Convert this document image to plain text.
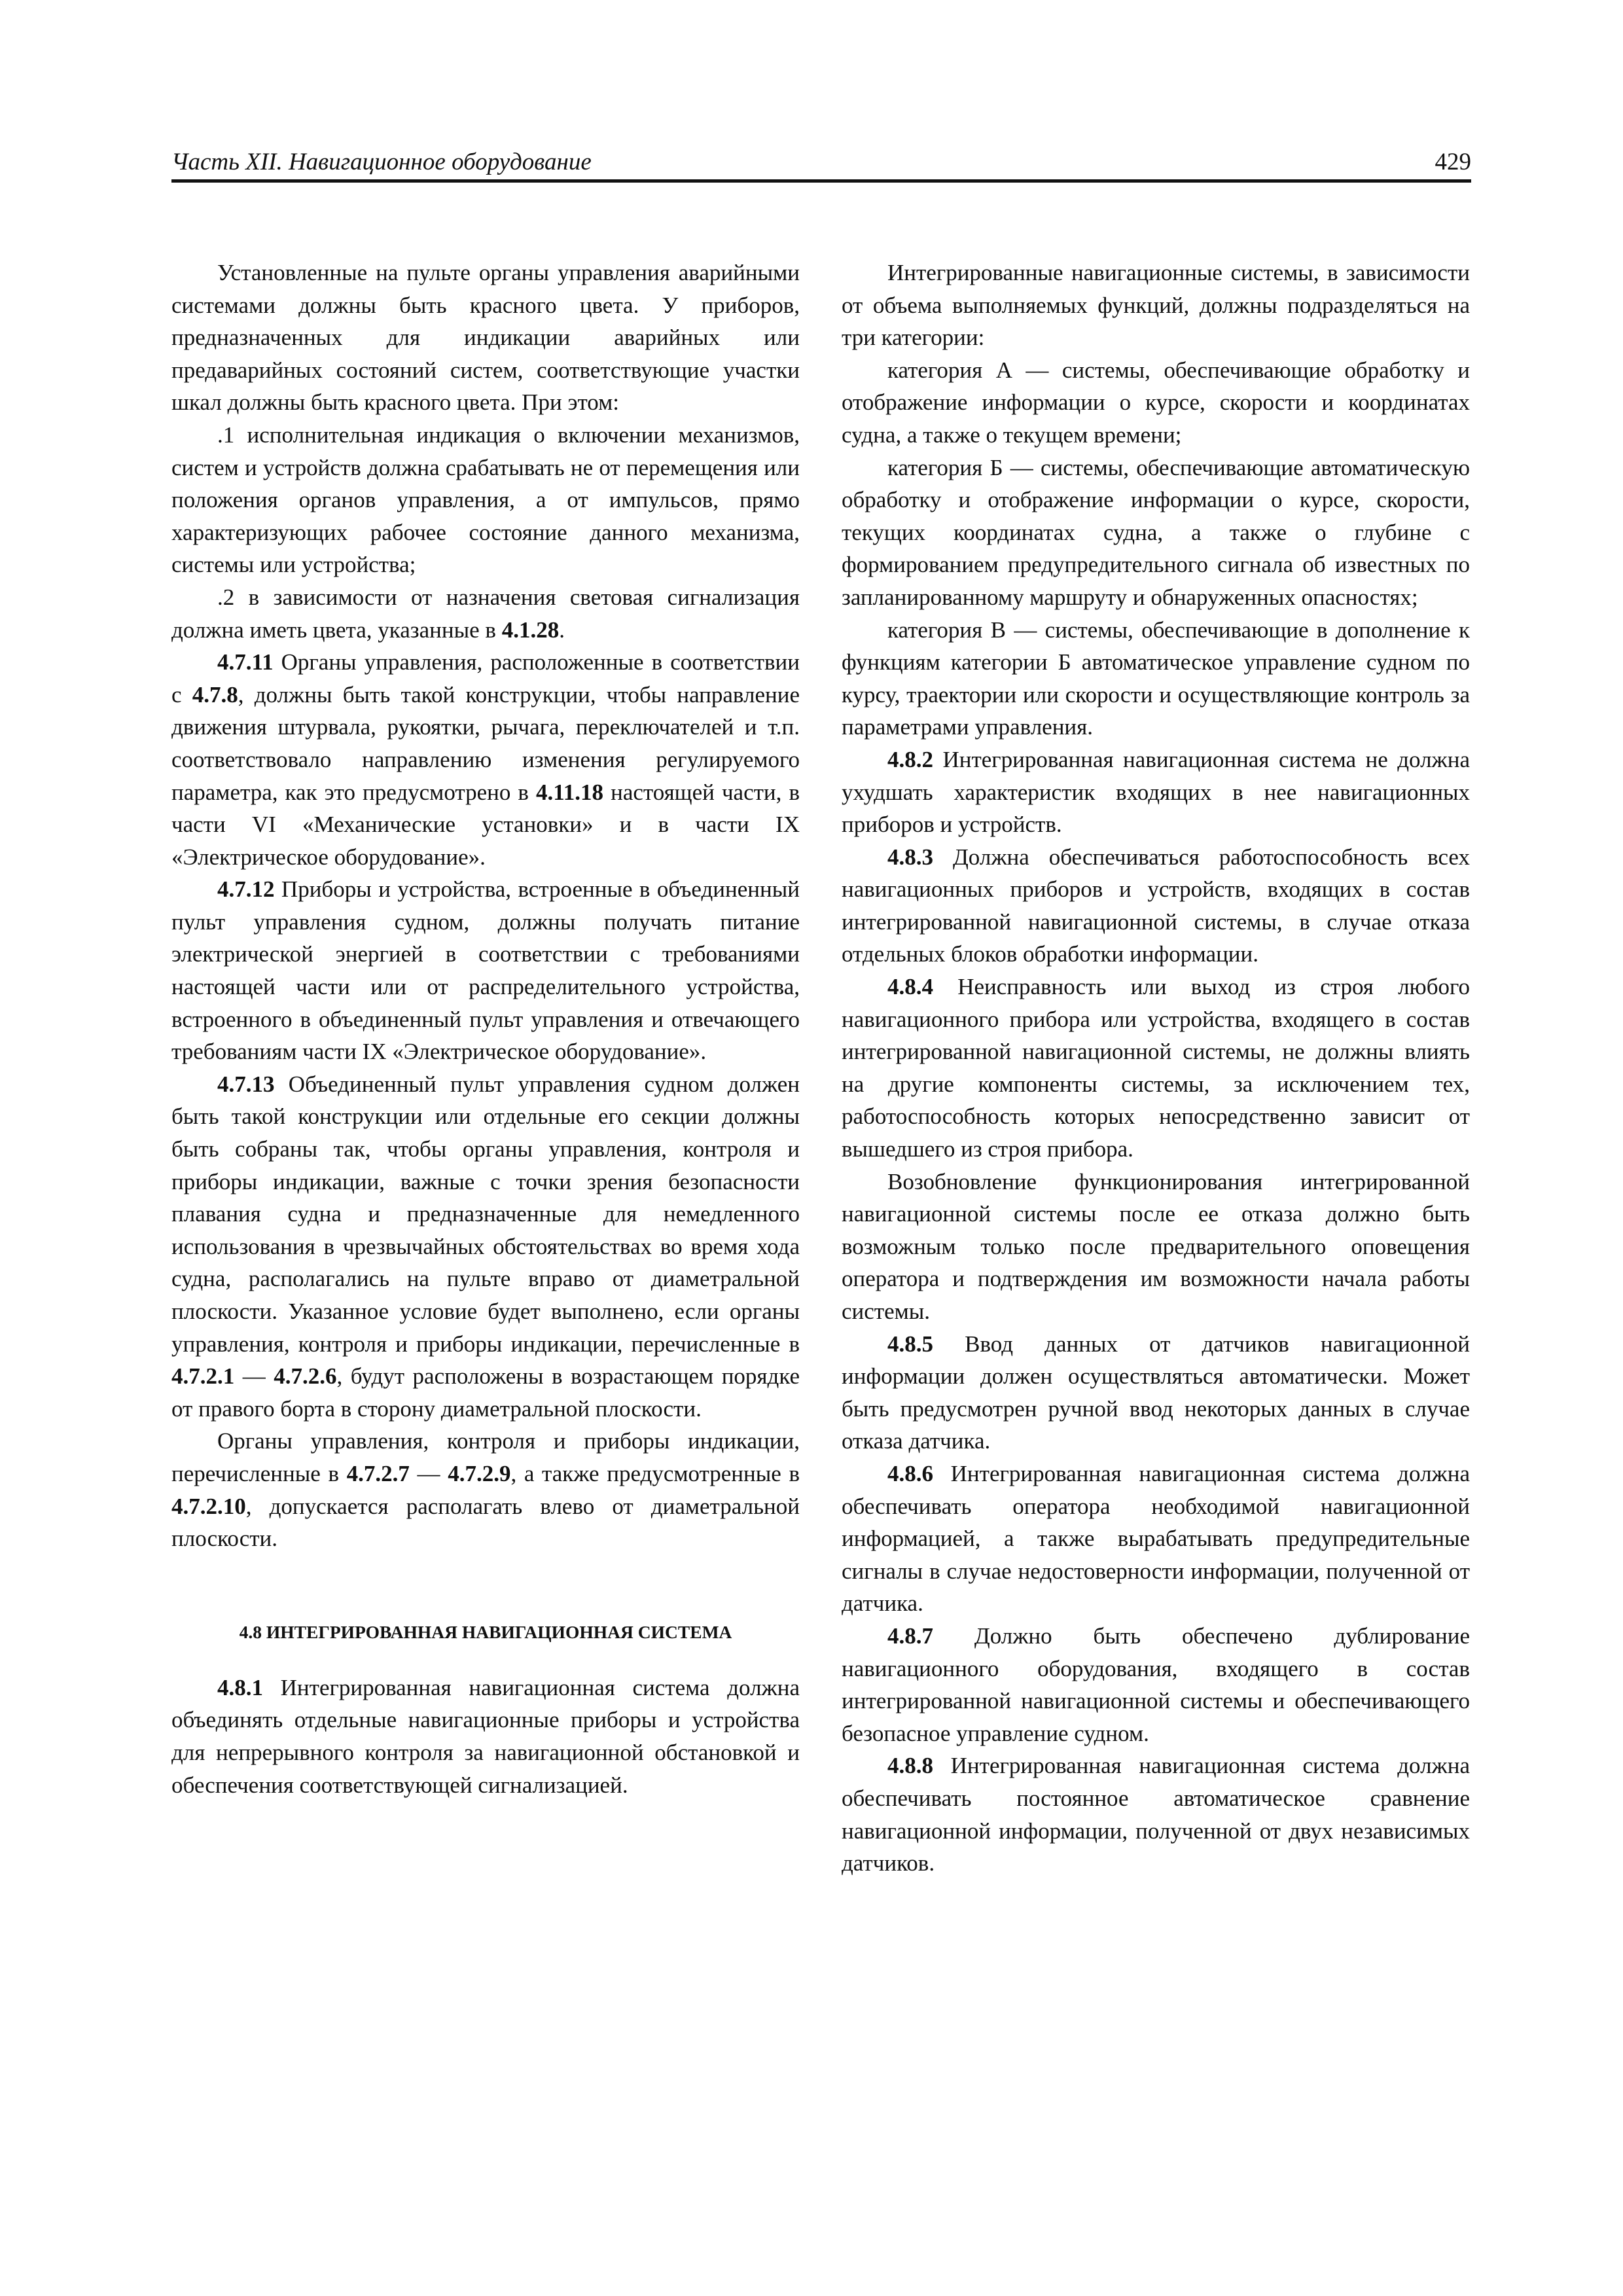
Часть XII. Навигационное оборудование	429

Установленные на пульте органы управления аварийными системами должны быть красного цвета. У приборов, предназначенных для индикации аварийных или предаварийных состояний систем, соответствующие участки шкал должны быть красного цвета. При этом:

.1 исполнительная индикация о включении механизмов, систем и устройств должна срабатывать не от перемещения или положения органов управления, а от импульсов, прямо характеризующих рабочее состояние данного механизма, системы или устройства;

.2 в зависимости от назначения световая сигнализация должна иметь цвета, указанные в 4.1.28.

4.7.11 Органы управления, расположенные в соответствии с 4.7.8, должны быть такой конструкции, чтобы направление движения штурвала, рукоятки, рычага, переключателей и т.п. соответствовало направлению изменения регулируемого параметра, как это предусмотрено в 4.11.18 настоящей части, в части VI «Механические установки» и в части IX «Электрическое оборудование».

4.7.12 Приборы и устройства, встроенные в объединенный пульт управления судном, должны получать питание электрической энергией в соответствии с требованиями настоящей части или от распределительного устройства, встроенного в объединенный пульт управления и отвечающего требованиям части IX «Электрическое оборудование».

4.7.13 Объединенный пульт управления судном должен быть такой конструкции или отдельные его секции должны быть собраны так, чтобы органы управления, контроля и приборы индикации, важные с точки зрения безопасности плавания судна и предназначенные для немедленного использования в чрезвычайных обстоятельствах во время хода судна, располагались на пульте вправо от диаметральной плоскости. Указанное условие будет выполнено, если органы управления, контроля и приборы индикации, перечисленные в 4.7.2.1 — 4.7.2.6, будут расположены в возрастающем порядке от правого борта в сторону диаметральной плоскости.

Органы управления, контроля и приборы индикации, перечисленные в 4.7.2.7 — 4.7.2.9, а также предусмотренные в 4.7.2.10, допускается располагать влево от диаметральной плоскости.

4.8 ИНТЕГРИРОВАННАЯ НАВИГАЦИОННАЯ СИСТЕМА

4.8.1 Интегрированная навигационная система должна объединять отдельные навигационные приборы и устройства для непрерывного контроля за навигационной обстановкой и обеспечения соответствующей сигнализацией.

Интегрированные навигационные системы, в зависимости от объема выполняемых функций, должны подразделяться на три категории:

категория А — системы, обеспечивающие обработку и отображение информации о курсе, скорости и координатах судна, а также о текущем времени;

категория Б — системы, обеспечивающие автоматическую обработку и отображение информации о курсе, скорости, текущих координатах судна, а также о глубине с формированием предупредительного сигнала об известных по запланированному маршруту и обнаруженных опасностях;

категория В — системы, обеспечивающие в дополнение к функциям категории Б автоматическое управление судном по курсу, траектории или скорости и осуществляющие контроль за параметрами управления.

4.8.2 Интегрированная навигационная система не должна ухудшать характеристик входящих в нее навигационных приборов и устройств.

4.8.3 Должна обеспечиваться работоспособность всех навигационных приборов и устройств, входящих в состав интегрированной навигационной системы, в случае отказа отдельных блоков обработки информации.

4.8.4 Неисправность или выход из строя любого навигационного прибора или устройства, входящего в состав интегрированной навигационной системы, не должны влиять на другие компоненты системы, за исключением тех, работоспособность которых непосредственно зависит от вышедшего из строя прибора.

Возобновление функционирования интегрированной навигационной системы после ее отказа должно быть возможным только после предварительного оповещения оператора и подтверждения им возможности начала работы системы.

4.8.5 Ввод данных от датчиков навигационной информации должен осуществляться автоматически. Может быть предусмотрен ручной ввод некоторых данных в случае отказа датчика.

4.8.6 Интегрированная навигационная система должна обеспечивать оператора необходимой навигационной информацией, а также вырабатывать предупредительные сигналы в случае недостоверности информации, полученной от датчика.

4.8.7 Должно быть обеспечено дублирование навигационного оборудования, входящего в состав интегрированной навигационной системы и обеспечивающего безопасное управление судном.

4.8.8 Интегрированная навигационная система должна обеспечивать постоянное автоматическое сравнение навигационной информации, полученной от двух независимых датчиков.
